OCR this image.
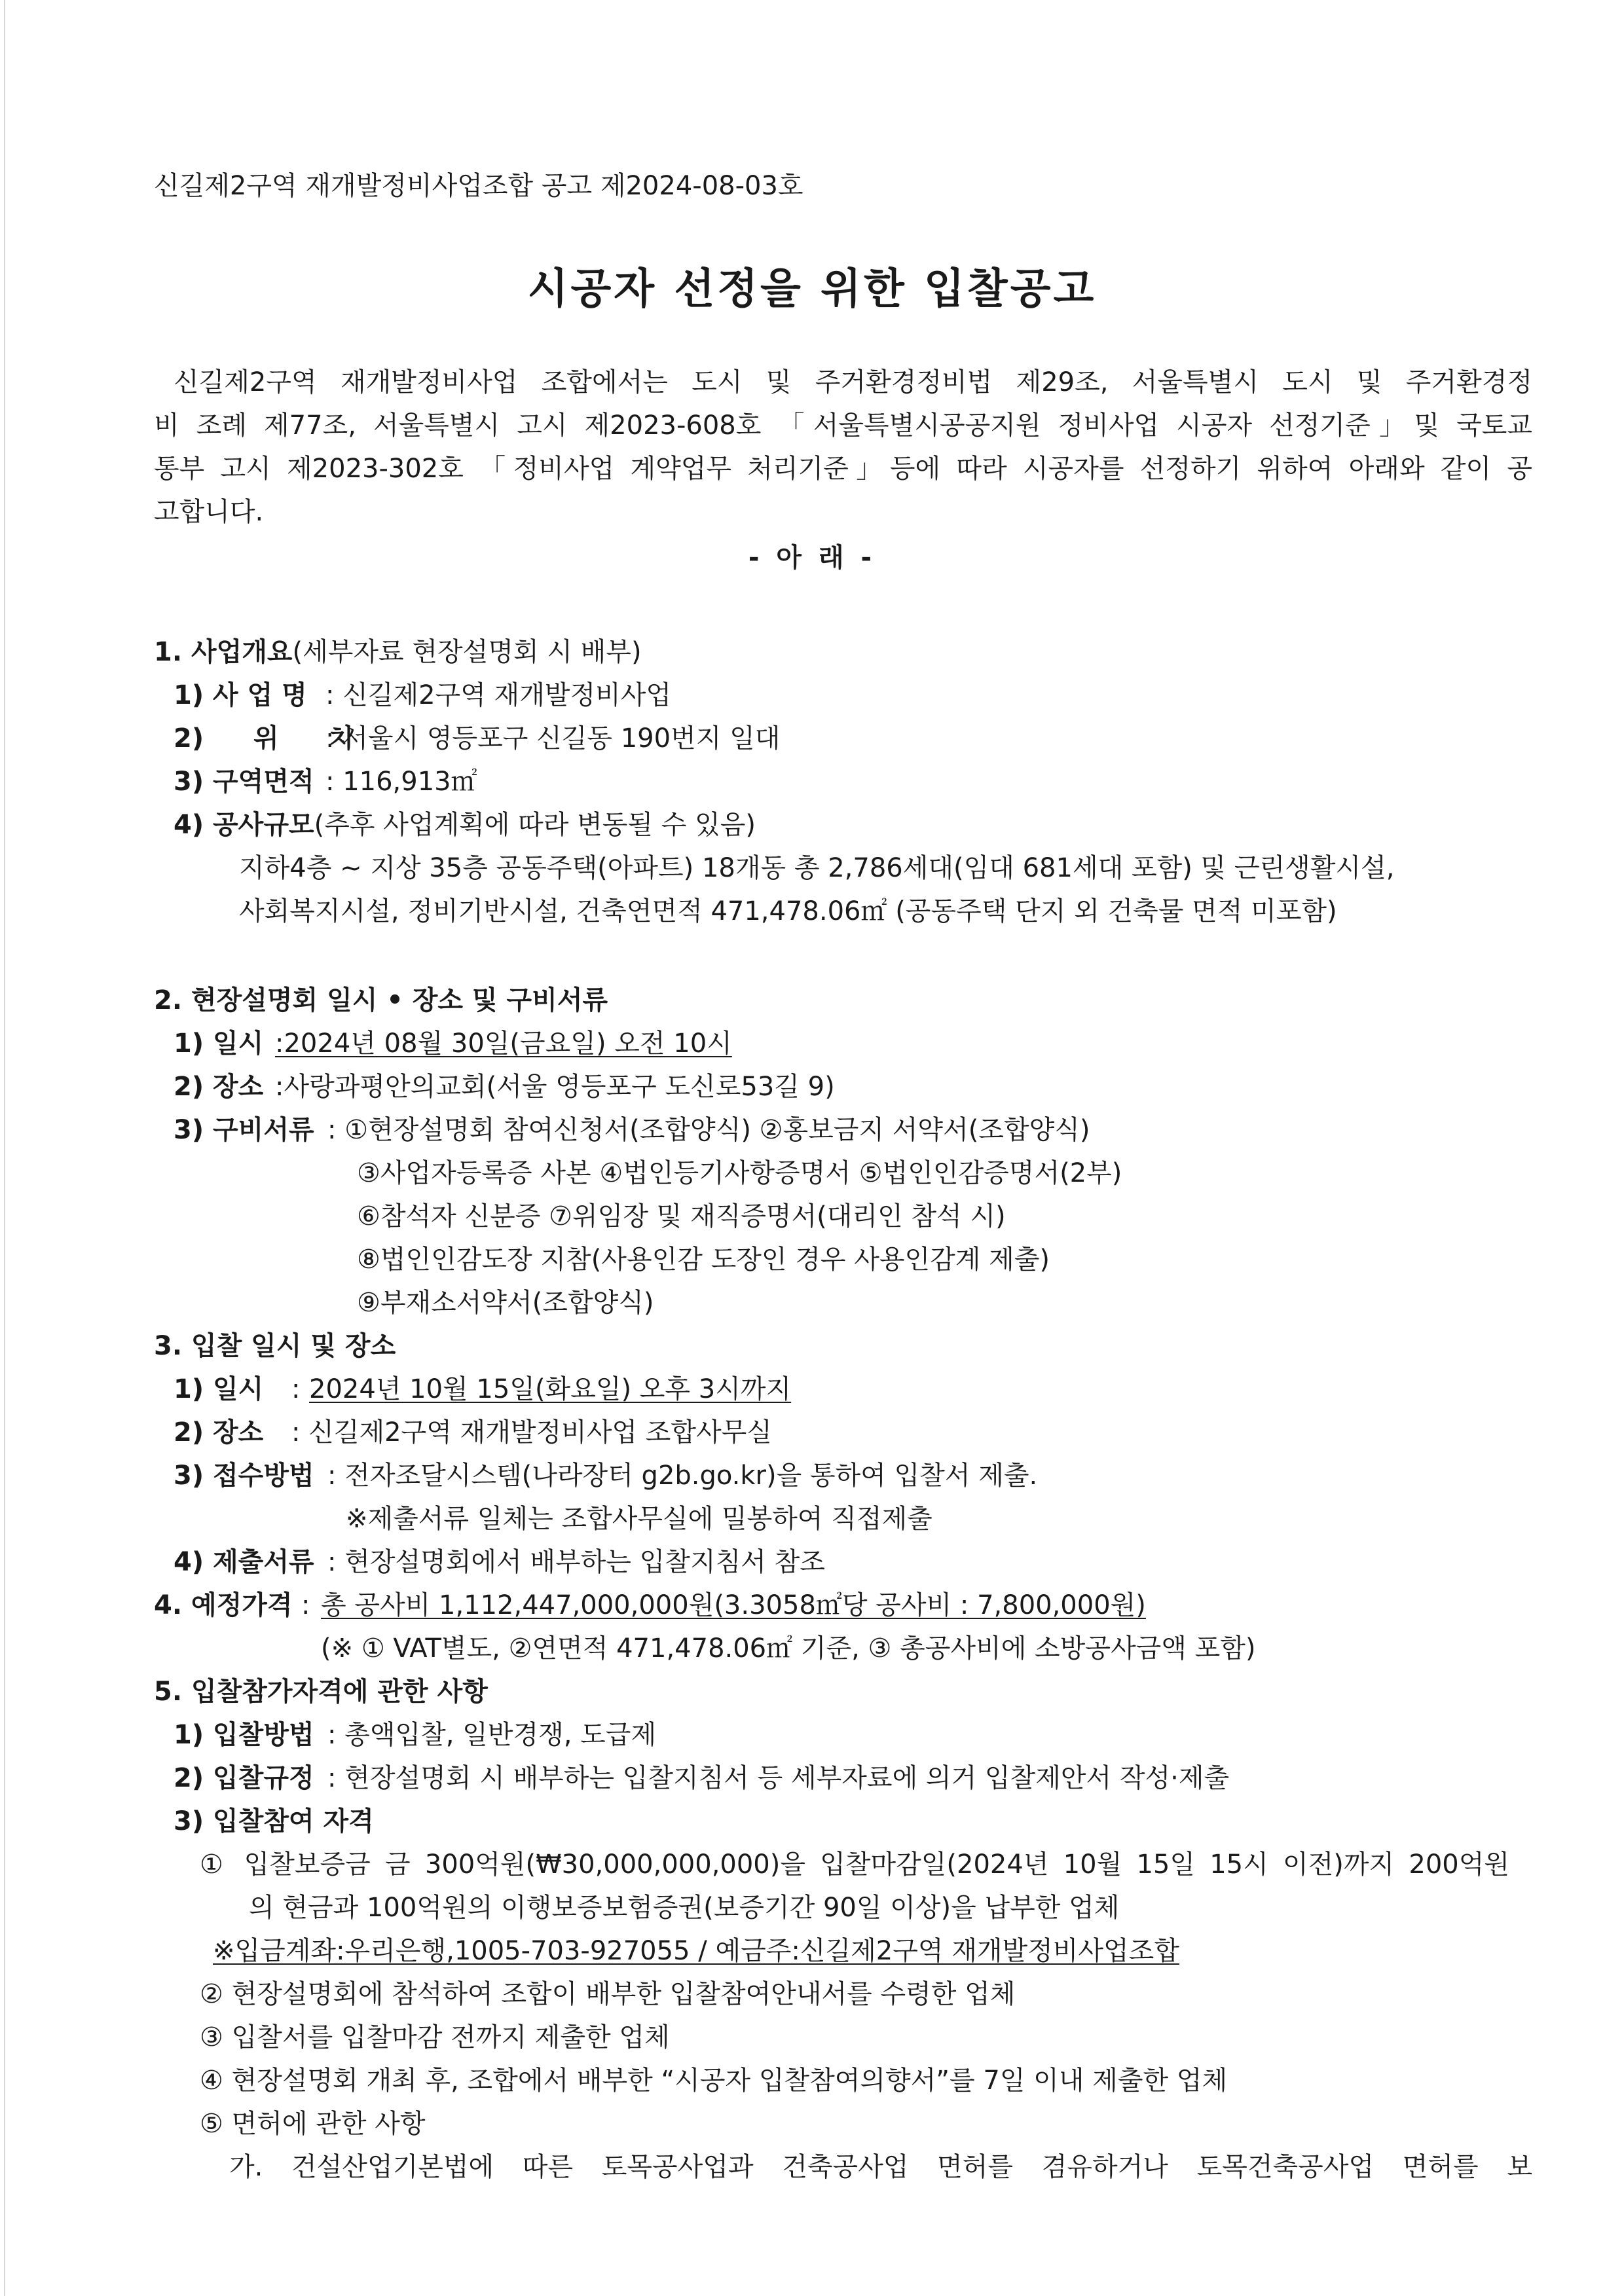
신길제2구역 재개발정비사업조합 공고 제2024-08-03호
시공자 선정을 위한 입찰공고
신길제2구역 재개발정비사업 조합에서는 도시 및 주거환경정비법 제29조, 서울특별시 도시 및 주거환경정
비 조례 제77조, 서울특별시 고시 제2023-608호 「서울특별시공공지원 정비사업 시공자 선정기준」및 국토교
통부 고시 제2023-302호 「정비사업 계약업무 처리기준」등에 따라 시공자를 선정하기 위하여 아래와 같이 공
고합니다.
- 아 래 -
1. 사업개요(세부자료 현장설명회 시 배부)
1) 사 업 명 : 신길제2구역 재개발정비사업
2) 위 치
: 서울시 영등포구 신길동 190번지 일대
3) 구역면적 : 116,913㎡
4) 공사규모(추후 사업계획에 따라 변동될 수 있음)
지하4층 ~ 지상 35층 공동주택(아파트) 18개동 총 2,786세대(임대 681세대 포함) 및 근린생활시설,
사회복지시설, 정비기반시설, 건축연면적 471,478.06㎡ (공동주택 단지 외 건축물 면적 미포함)
2. 현장설명회 일시 • 장소 및 구비서류
1) 일시 :2024년 08월 30일(금요일) 오전 10시
2) 장소 :사랑과평안의교회(서울 영등포구 도신로53길 9)
3) 구비서류 : ①현장설명회 참여신청서(조합양식) ②홍보금지 서약서(조합양식)
③사업자등록증 사본 ④법인등기사항증명서 ⑤법인인감증명서(2부)
⑥참석자 신분증 ⑦위임장 및 재직증명서(대리인 참석 시)
⑧법인인감도장 지참(사용인감 도장인 경우 사용인감계 제출)
⑨부재소서약서(조합양식)
3. 입찰 일시 및 장소
1) 일시 : 2024년 10월 15일(화요일) 오후 3시까지
2) 장소 : 신길제2구역 재개발정비사업 조합사무실
3) 접수방법 : 전자조달시스템(나라장터 g2b.go.kr)을 통하여 입찰서 제출.
※제출서류 일체는 조합사무실에 밀봉하여 직접제출
4) 제출서류 : 현장설명회에서 배부하는 입찰지침서 참조
4. 예정가격 : 총 공사비 1,112,447,000,000원(3.3058㎡당 공사비 : 7,800,000원)
(※ ① VAT별도, ②연면적 471,478.06㎡ 기준, ③ 총공사비에 소방공사금액 포함)
5. 입찰참가자격에 관한 사항
1) 입찰방법 : 총액입찰, 일반경쟁, 도급제
2) 입찰규정 : 현장설명회 시 배부하는 입찰지침서 등 세부자료에 의거 입찰제안서 작성·제출
3) 입찰참여 자격
① 입찰보증금 금 300억원(₩30,000,000,000)을 입찰마감일(2024년 10월 15일 15시 이전)까지 200억원
의 현금과 100억원의 이행보증보험증권(보증기간 90일 이상)을 납부한 업체
※입금계좌:우리은행,1005-703-927055 / 예금주:신길제2구역 재개발정비사업조합
② 현장설명회에 참석하여 조합이 배부한 입찰참여안내서를 수령한 업체
③ 입찰서를 입찰마감 전까지 제출한 업체
④ 현장설명회 개최 후, 조합에서 배부한 “시공자 입찰참여의향서”를 7일 이내 제출한 업체
⑤ 면허에 관한 사항
가. 건설산업기본법에 따른 토목공사업과 건축공사업 면허를 겸유하거나 토목건축공사업 면허를 보
